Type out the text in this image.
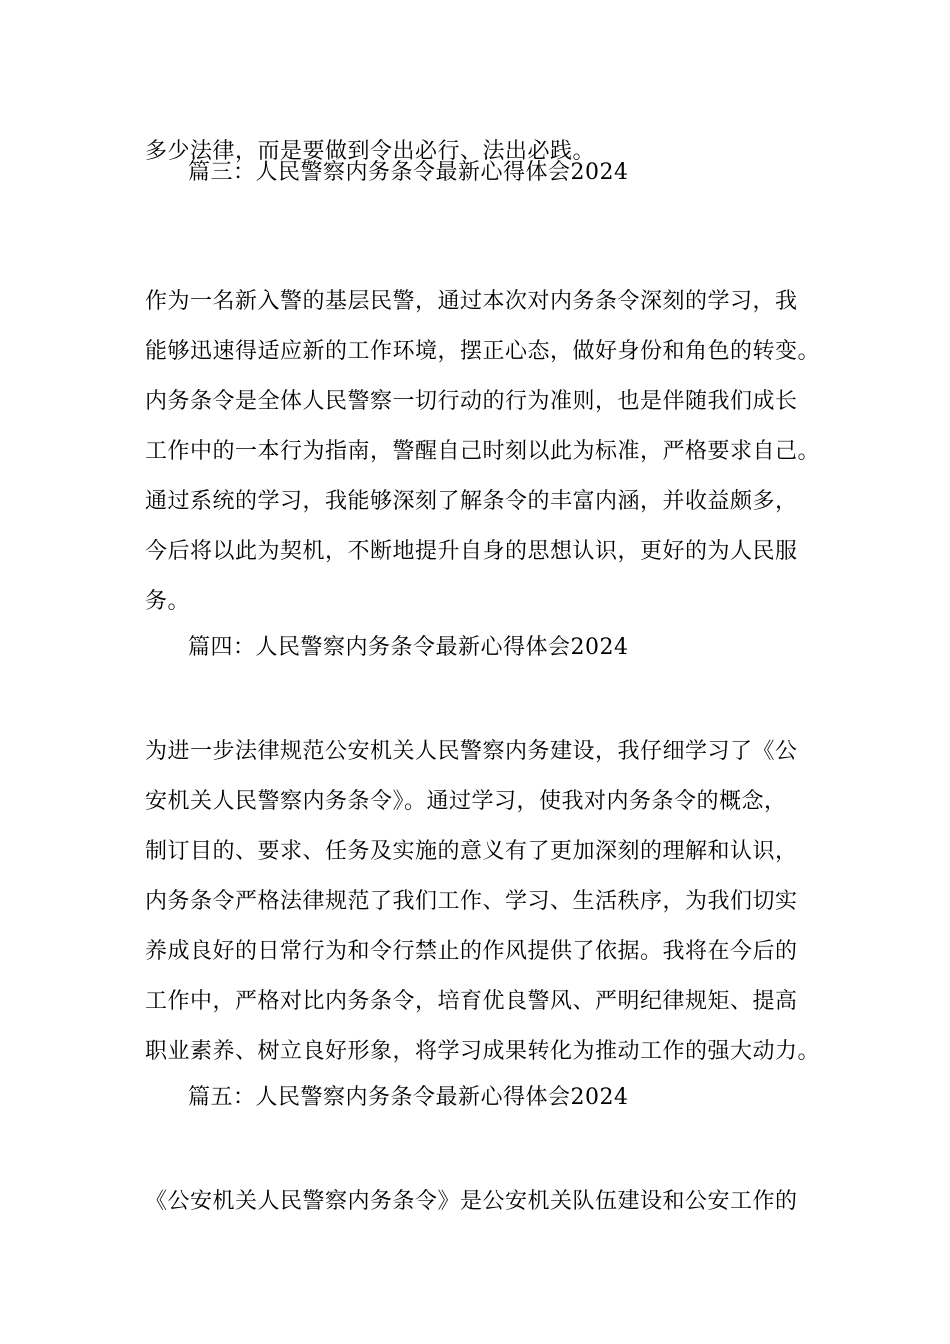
多少法律，而是要做到令出必行、法出必践。
篇三：人民警察内务条令最新心得体会2024
作为一名新入警的基层民警，通过本次对内务条令深刻的学习，我
能够迅速得适应新的工作环境，摆正心态，做好身份和角色的转变。
内务条令是全体人民警察一切行动的行为准则，也是伴随我们成长
工作中的一本行为指南，警醒自己时刻以此为标准，严格要求自己。
通过系统的学习，我能够深刻了解条令的丰富内涵，并收益颇多，
今后将以此为契机，不断地提升自身的思想认识，更好的为人民服
务。
篇四：人民警察内务条令最新心得体会2024
为进一步法律规范公安机关人民警察内务建设，我仔细学习了《公
安机关人民警察内务条令》。通过学习，使我对内务条令的概念，
制订目的、要求、任务及实施的意义有了更加深刻的理解和认识，
内务条令严格法律规范了我们工作、学习、生活秩序，为我们切实
养成良好的日常行为和令行禁止的作风提供了依据。我将在今后的
工作中，严格对比内务条令，培育优良警风、严明纪律规矩、提高
职业素养、树立良好形象，将学习成果转化为推动工作的强大动力。
篇五：人民警察内务条令最新心得体会2024
《公安机关人民警察内务条令》是公安机关队伍建设和公安工作的
